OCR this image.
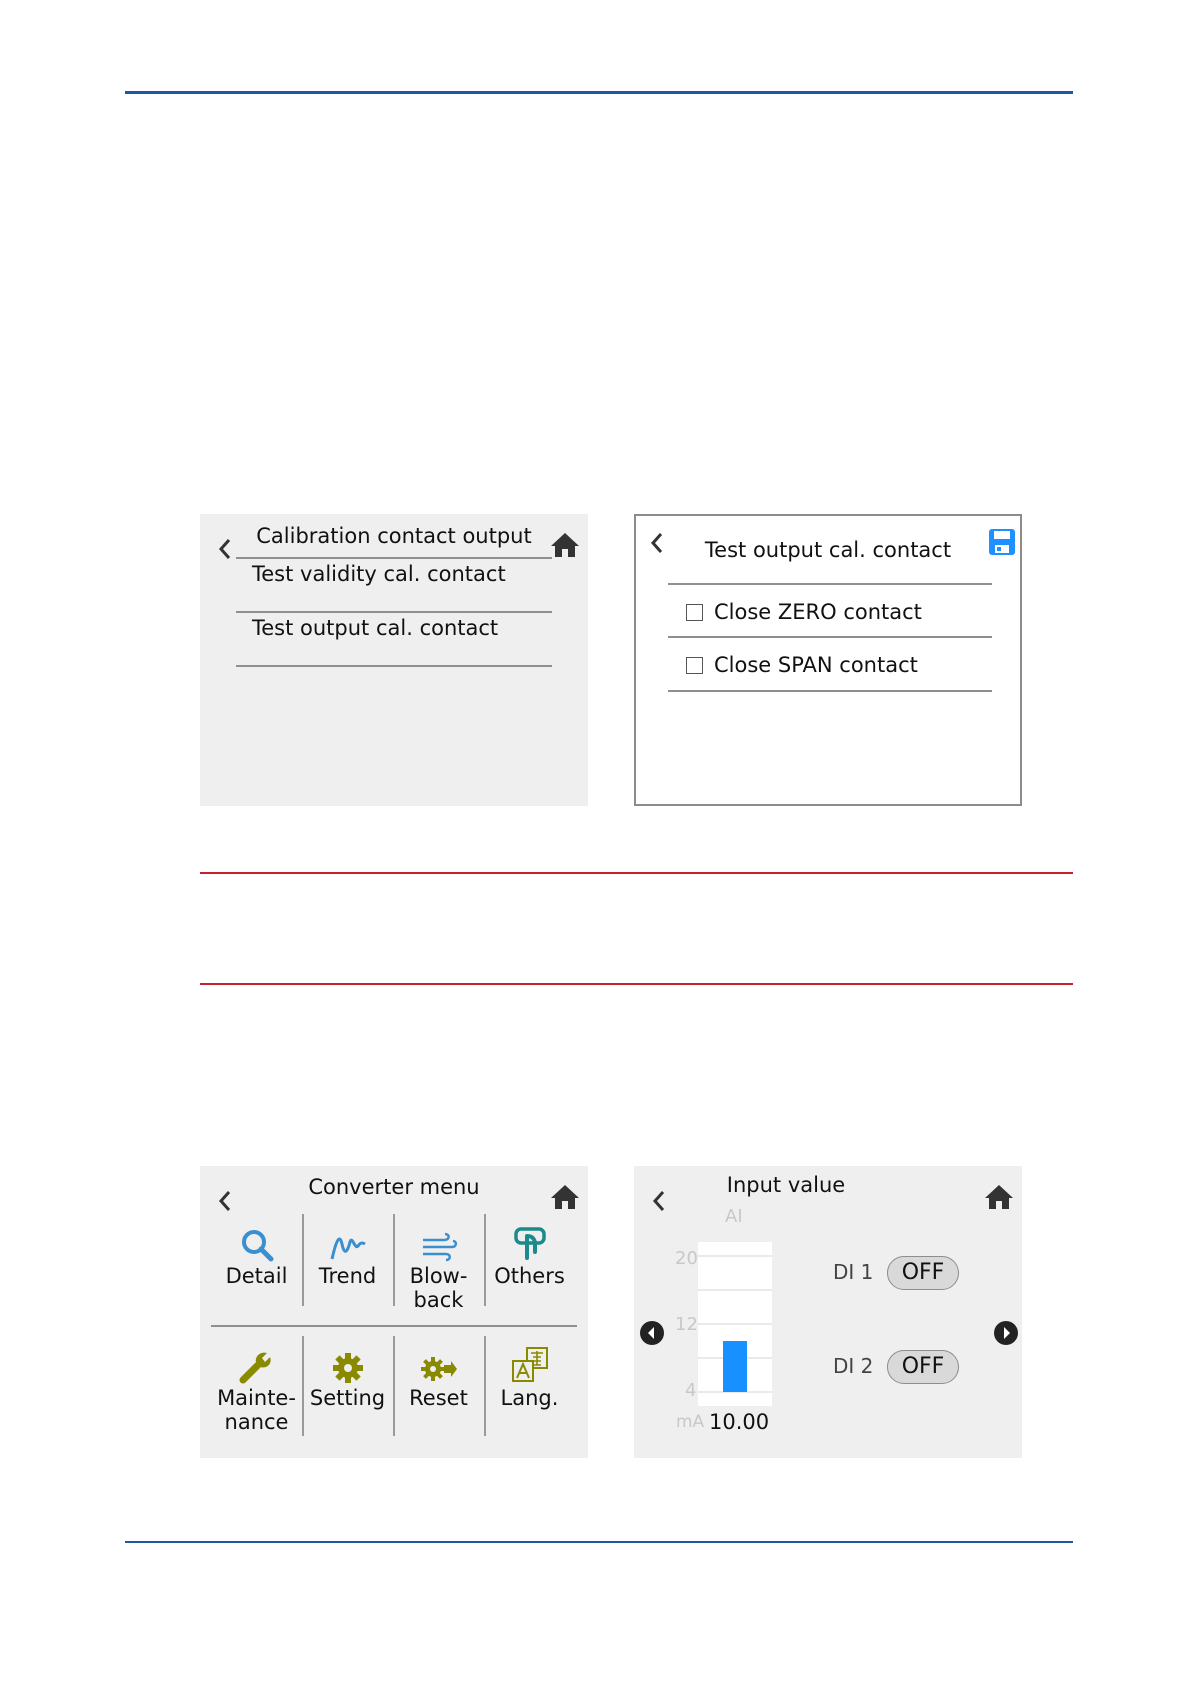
Calibration contact output
Test validity cal. contact
Test output cal. contact
Test output cal. contact
Close ZERO contact
Close SPAN contact
Converter menu
Detail	Trend	Blow-
back
Others
Mainte-
nance
Setting	Reset	Lang.
Input value
AI
20
12
4
mA 10.00
DI 1	OFF
DI 2	OFF
